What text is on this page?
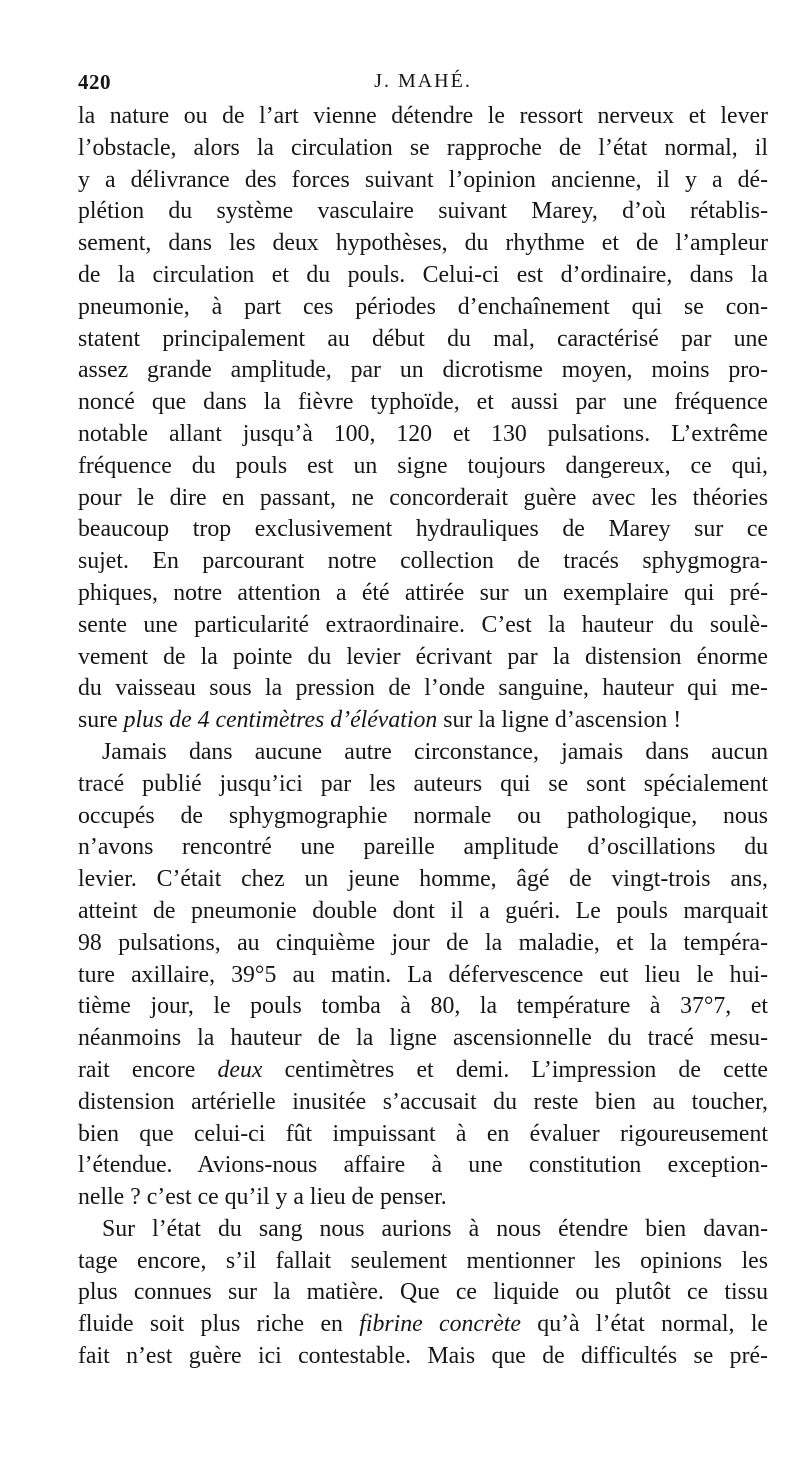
420	J. MAHÉ.
la nature ou de l’art vienne détendre le ressort nerveux et lever
l’obstacle, alors la circulation se rapproche de l’état normal, il
y a délivrance des forces suivant l’opinion ancienne, il y a dé-
plétion du système vasculaire suivant Marey, d’où rétablis-
sement, dans les deux hypothèses, du rhythme et de l’ampleur
de la circulation et du pouls. Celui-ci est d’ordinaire, dans la
pneumonie, à part ces périodes d’enchaînement qui se con-
statent principalement au début du mal, caractérisé par une
assez grande amplitude, par un dicrotisme moyen, moins pro-
noncé que dans la fièvre typhoïde, et aussi par une fréquence
notable allant jusqu’à 100, 120 et 130 pulsations. L’extrême
fréquence du pouls est un signe toujours dangereux, ce qui,
pour le dire en passant, ne concorderait guère avec les théories
beaucoup trop exclusivement hydrauliques de Marey sur ce
sujet. En parcourant notre collection de tracés sphygmogra-
phiques, notre attention a été attirée sur un exemplaire qui pré-
sente une particularité extraordinaire. C’est la hauteur du soulè-
vement de la pointe du levier écrivant par la distension énorme
du vaisseau sous la pression de l’onde sanguine, hauteur qui me-
sure plus de 4 centimètres d’élévation sur la ligne d’ascension !
Jamais dans aucune autre circonstance, jamais dans aucun
tracé publié jusqu’ici par les auteurs qui se sont spécialement
occupés de sphygmographie normale ou pathologique, nous
n’avons rencontré une pareille amplitude d’oscillations du
levier. C’était chez un jeune homme, âgé de vingt-trois ans,
atteint de pneumonie double dont il a guéri. Le pouls marquait
98 pulsations, au cinquième jour de la maladie, et la tempéra-
ture axillaire, 39°5 au matin. La défervescence eut lieu le hui-
tième jour, le pouls tomba à 80, la température à 37°7, et
néanmoins la hauteur de la ligne ascensionnelle du tracé mesu-
rait encore deux centimètres et demi. L’impression de cette
distension artérielle inusitée s’accusait du reste bien au toucher,
bien que celui-ci fût impuissant à en évaluer rigoureusement
l’étendue. Avions-nous affaire à une constitution exception-
nelle ? c’est ce qu’il y a lieu de penser.
Sur l’état du sang nous aurions à nous étendre bien davan-
tage encore, s’il fallait seulement mentionner les opinions les
plus connues sur la matière. Que ce liquide ou plutôt ce tissu
fluide soit plus riche en fibrine concrète qu’à l’état normal, le
fait n’est guère ici contestable. Mais que de difficultés se pré-
